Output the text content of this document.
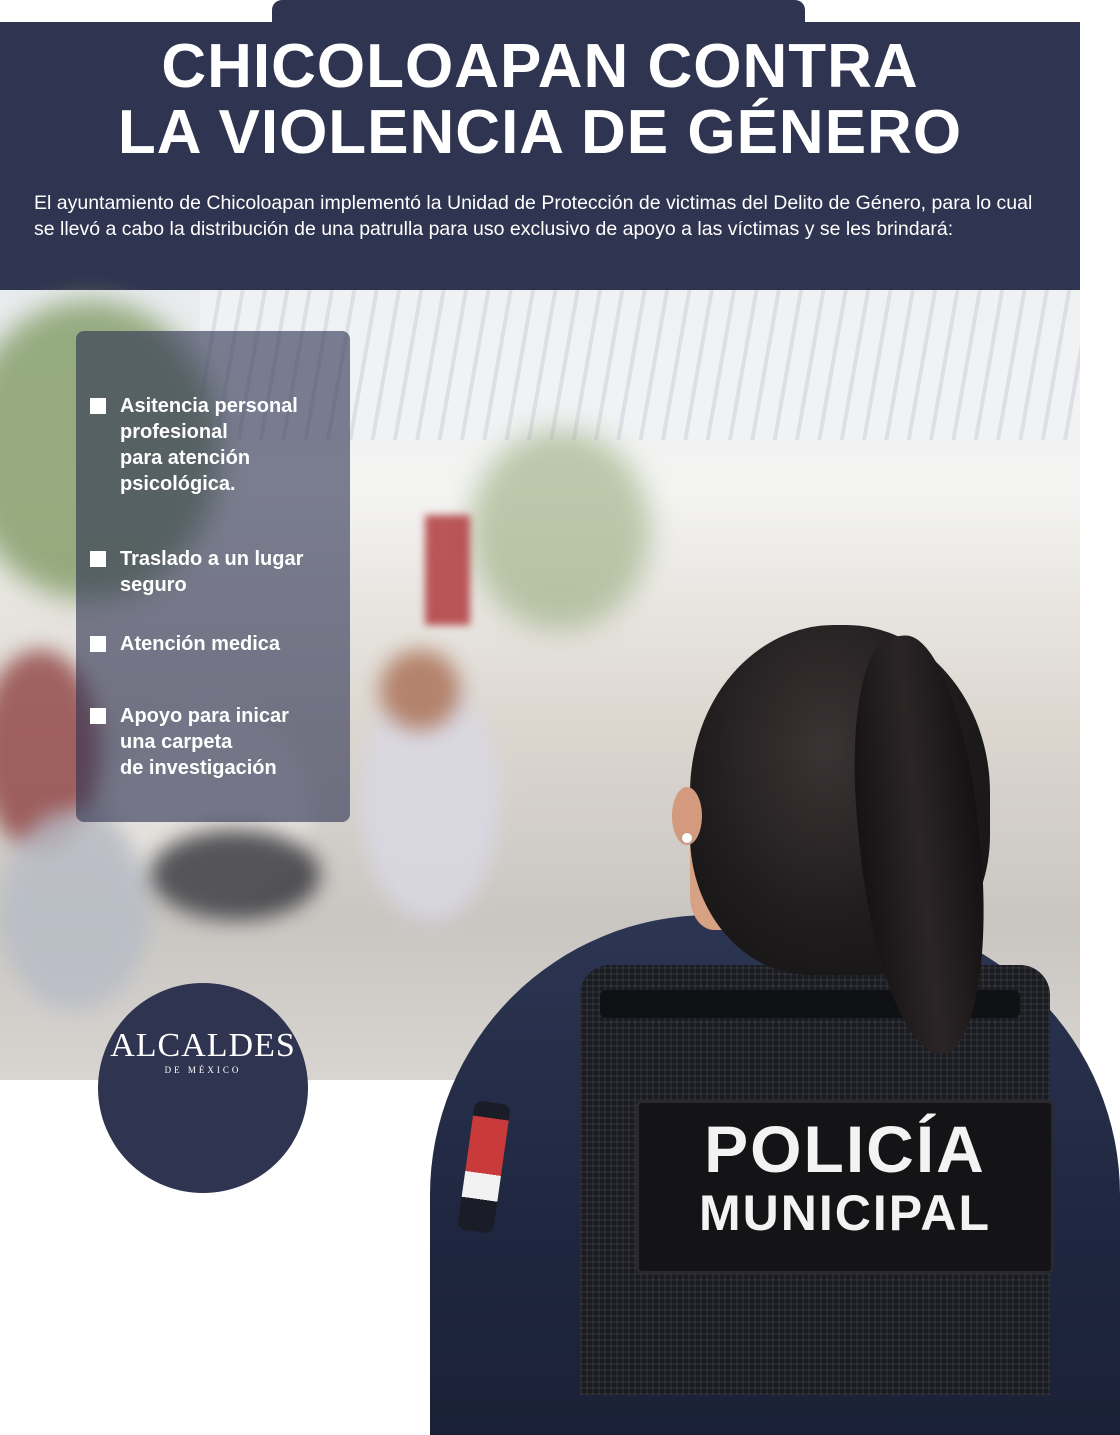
CHICOLOAPAN CONTRA
LA VIOLENCIA DE GÉNERO

El ayuntamiento de Chicoloapan implementó la Unidad de Protección de victimas del Delito de Género, para lo cual se llevó a cabo la distribución de una patrulla para uso exclusivo de apoyo a las víctimas y se les brindará:

POLICÍA
MUNICIPAL

Asitencia personal
profesional
para atención
psicológica.

Traslado a un lugar
seguro

Atención medica

Apoyo para inicar
una carpeta
de investigación

ALCALDES
DE MÉXICO
